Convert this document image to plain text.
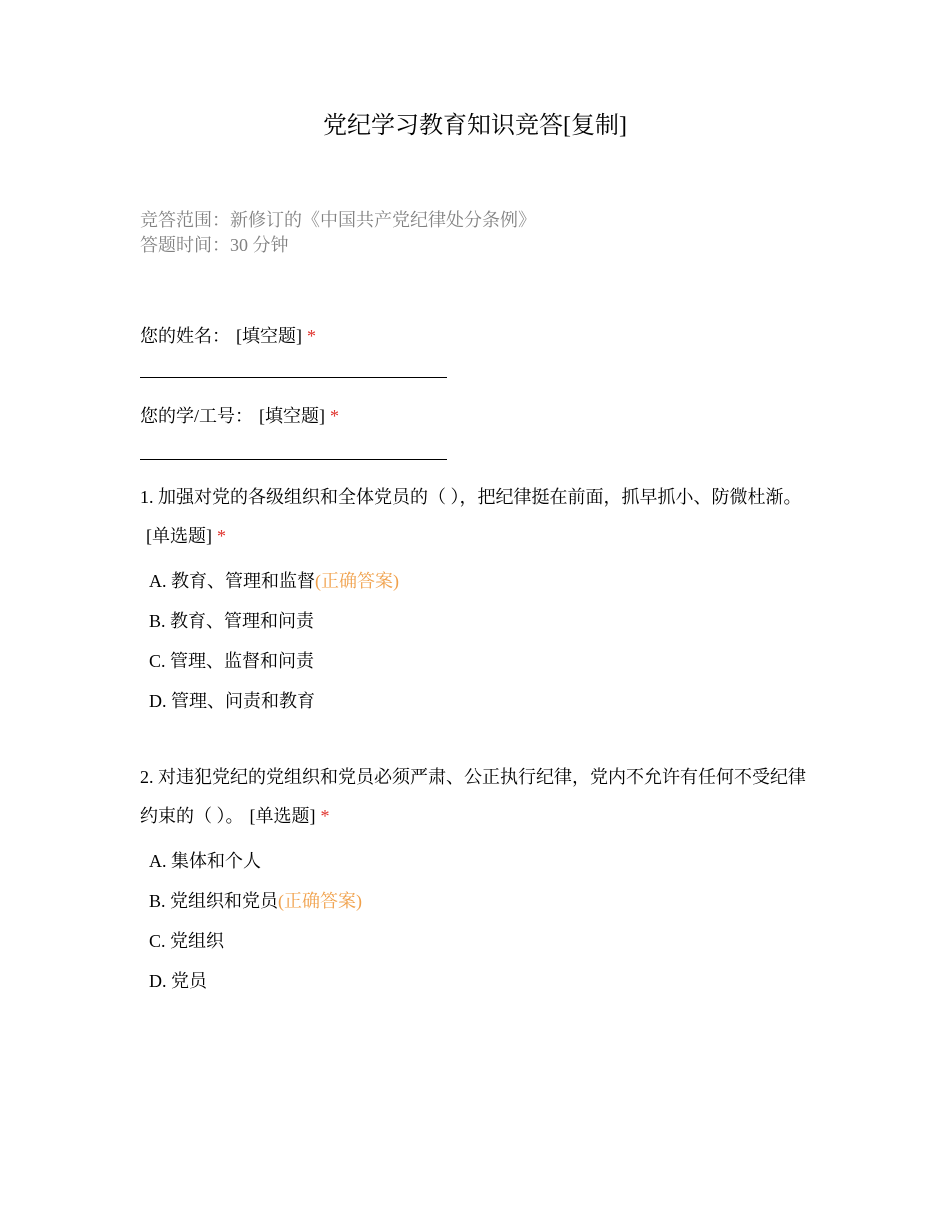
党纪学习教育知识竞答[复制]
竞答范围：新修订的《中国共产党纪律处分条例》
答题时间：30 分钟
您的姓名： [填空题] *
您的学/工号： [填空题] *
1. 加强对党的各级组织和全体党员的（ ），把纪律挺在前面，抓早抓小、防微杜渐。[单选题] *
A. 教育、管理和监督(正确答案)
B. 教育、管理和问责
C. 管理、监督和问责
D. 管理、问责和教育
2. 对违犯党纪的党组织和党员必须严肃、公正执行纪律，党内不允许有任何不受纪律约束的（ ）。 [单选题] *
A. 集体和个人
B. 党组织和党员(正确答案)
C. 党组织
D. 党员
